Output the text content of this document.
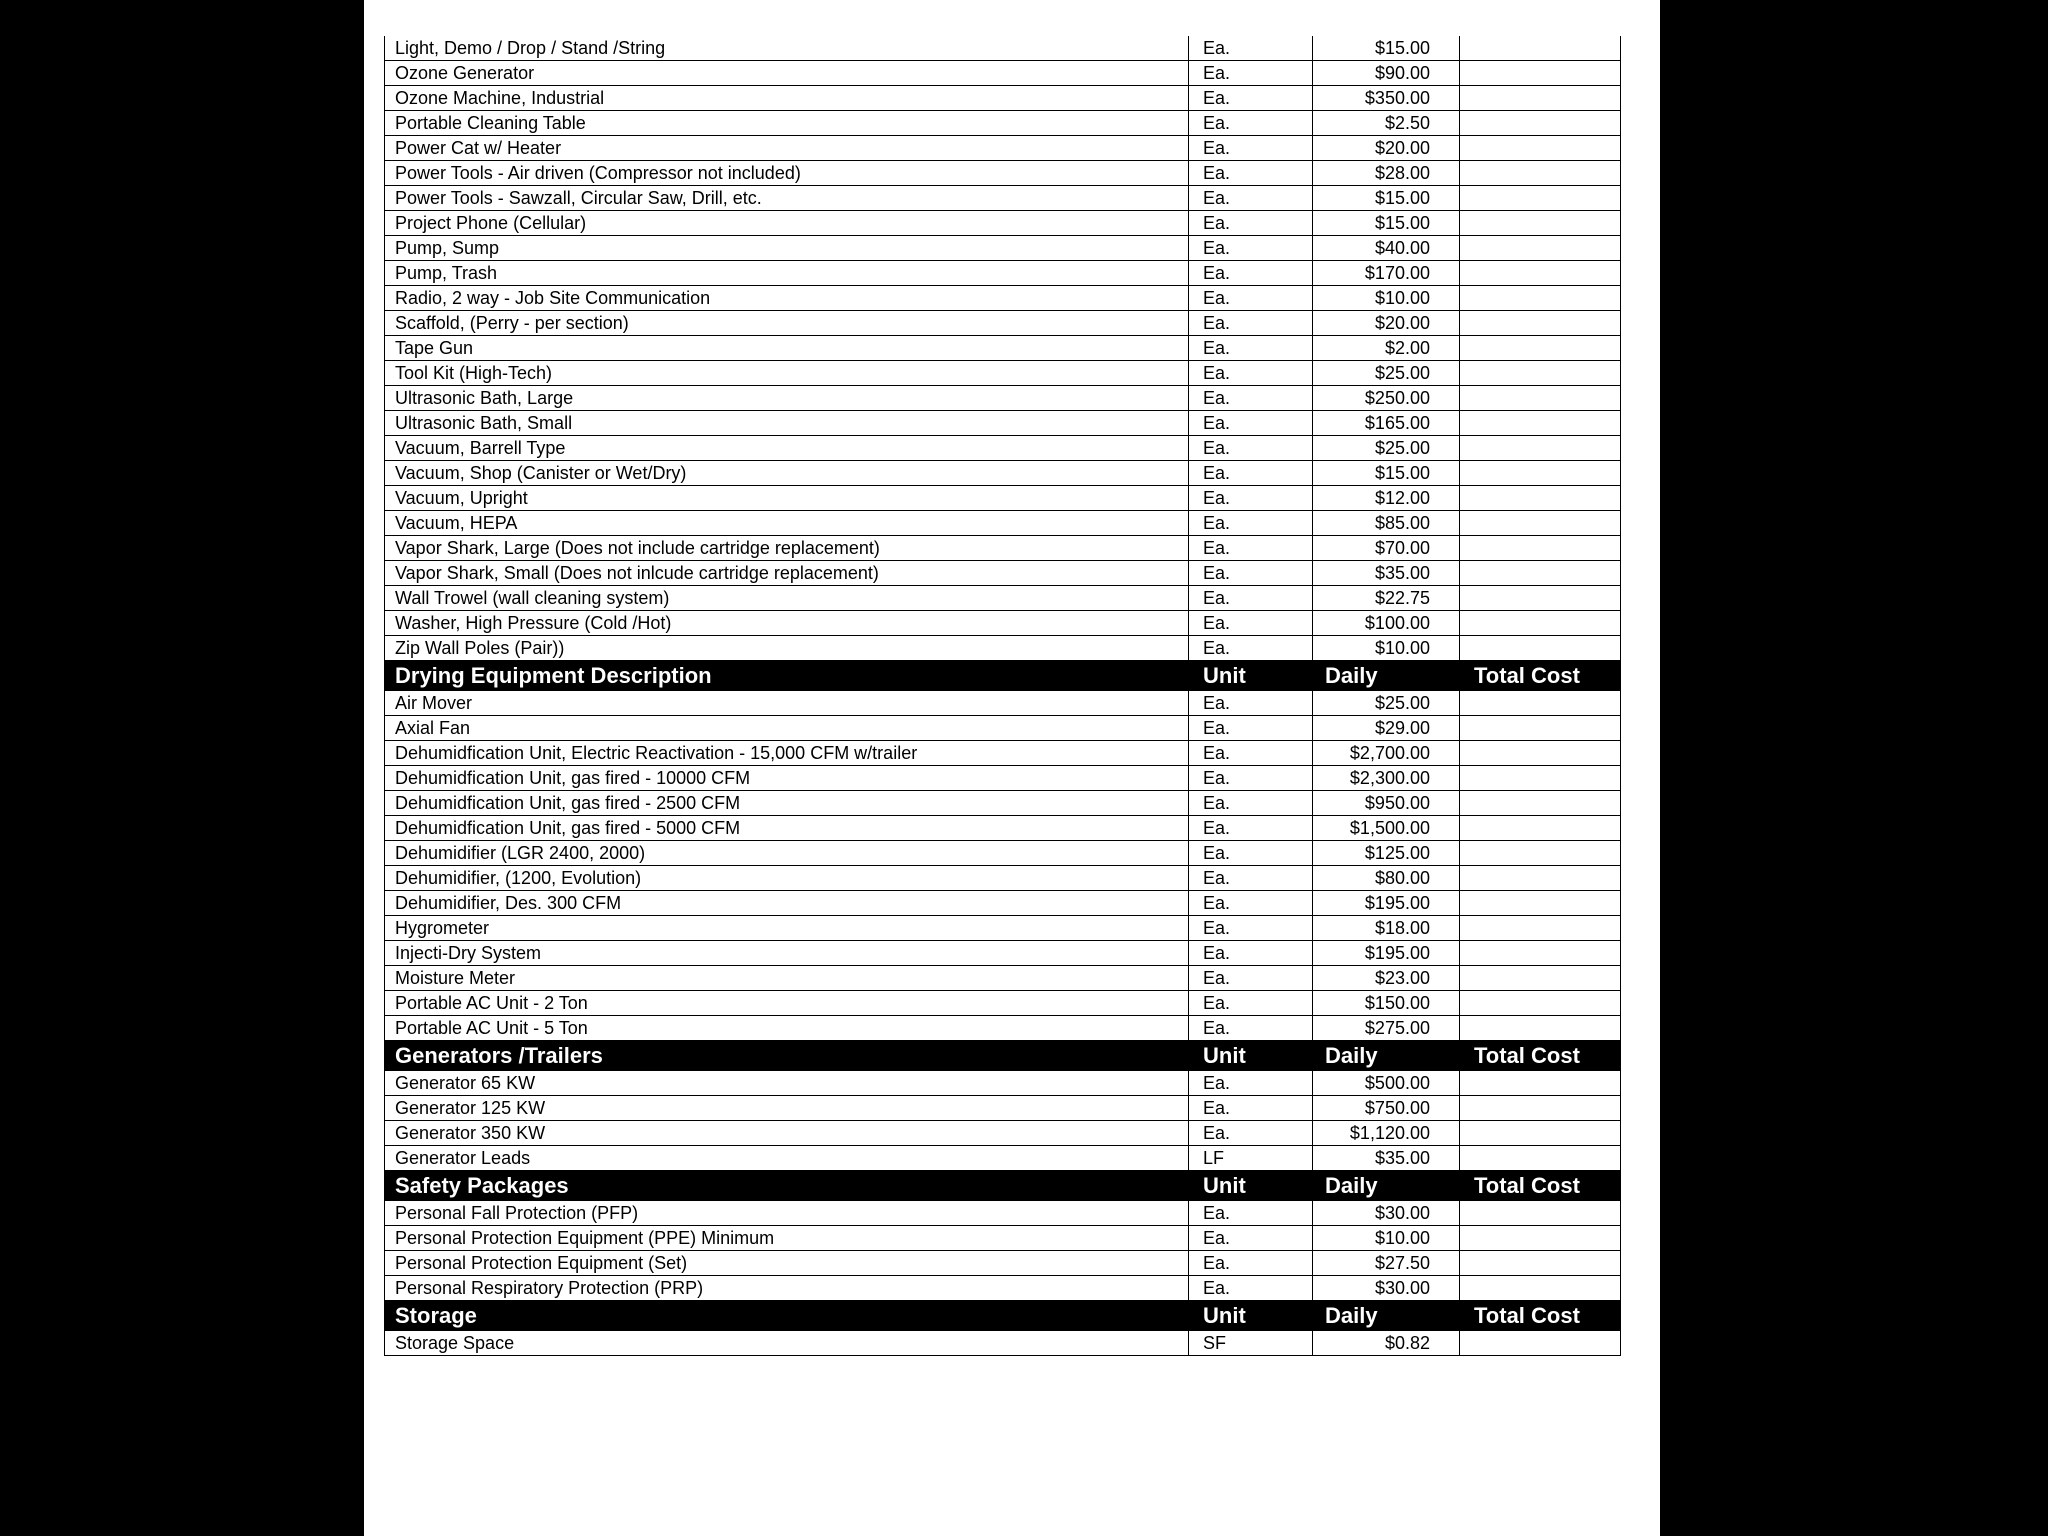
Light, Demo / Drop / Stand /String	Ea.	$15.00	
Ozone Generator	Ea.	$90.00	
Ozone Machine, Industrial	Ea.	$350.00	
Portable Cleaning Table	Ea.	$2.50	
Power Cat w/ Heater	Ea.	$20.00	
Power Tools - Air driven (Compressor not included)	Ea.	$28.00	
Power Tools - Sawzall, Circular Saw, Drill, etc.	Ea.	$15.00	
Project Phone (Cellular)	Ea.	$15.00	
Pump, Sump	Ea.	$40.00	
Pump, Trash	Ea.	$170.00	
Radio, 2 way - Job Site Communication	Ea.	$10.00	
Scaffold, (Perry - per section)	Ea.	$20.00	
Tape Gun	Ea.	$2.00	
Tool Kit (High-Tech)	Ea.	$25.00	
Ultrasonic Bath, Large	Ea.	$250.00	
Ultrasonic Bath, Small	Ea.	$165.00	
Vacuum, Barrell Type	Ea.	$25.00	
Vacuum, Shop (Canister or Wet/Dry)	Ea.	$15.00	
Vacuum, Upright	Ea.	$12.00	
Vacuum, HEPA	Ea.	$85.00	
Vapor Shark, Large (Does not include cartridge replacement)	Ea.	$70.00	
Vapor Shark, Small (Does not inlcude cartridge replacement)	Ea.	$35.00	
Wall Trowel (wall cleaning system)	Ea.	$22.75	
Washer, High Pressure (Cold /Hot)	Ea.	$100.00	
Zip Wall Poles (Pair))	Ea.	$10.00	
Drying Equipment Description	Unit	Daily	Total Cost
Air Mover	Ea.	$25.00	
Axial Fan	Ea.	$29.00	
Dehumidfication Unit, Electric Reactivation - 15,000 CFM w/trailer	Ea.	$2,700.00	
Dehumidfication Unit, gas fired - 10000 CFM	Ea.	$2,300.00	
Dehumidfication Unit, gas fired - 2500 CFM	Ea.	$950.00	
Dehumidfication Unit, gas fired - 5000 CFM	Ea.	$1,500.00	
Dehumidifier (LGR 2400, 2000)	Ea.	$125.00	
Dehumidifier, (1200, Evolution)	Ea.	$80.00	
Dehumidifier, Des. 300 CFM	Ea.	$195.00	
Hygrometer	Ea.	$18.00	
Injecti-Dry System	Ea.	$195.00	
Moisture Meter	Ea.	$23.00	
Portable AC Unit - 2 Ton	Ea.	$150.00	
Portable AC Unit - 5 Ton	Ea.	$275.00	
Generators /Trailers	Unit	Daily	Total Cost
Generator 65 KW	Ea.	$500.00	
Generator 125 KW	Ea.	$750.00	
Generator 350 KW	Ea.	$1,120.00	
Generator Leads	LF	$35.00	
Safety Packages	Unit	Daily	Total Cost
Personal Fall Protection (PFP)	Ea.	$30.00	
Personal Protection Equipment (PPE) Minimum	Ea.	$10.00	
Personal Protection Equipment (Set)	Ea.	$27.50	
Personal Respiratory Protection (PRP)	Ea.	$30.00	
Storage	Unit	Daily	Total Cost
Storage Space	SF	$0.82	
